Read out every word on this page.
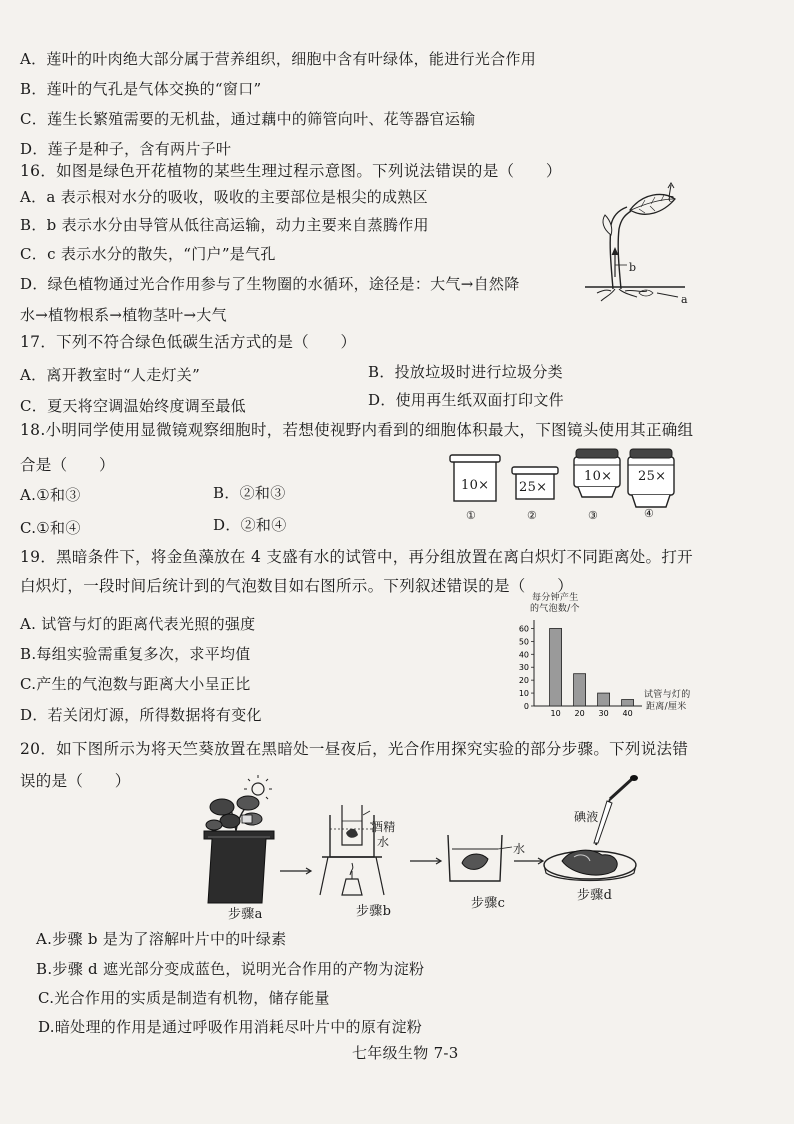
A．莲叶的叶肉绝大部分属于营养组织，细胞中含有叶绿体，能进行光合作用
B．莲叶的气孔是气体交换的“窗口”
C．莲生长繁殖需要的无机盐，通过藕中的筛管向叶、花等器官运输
D．莲子是种子，含有两片子叶
16．如图是绿色开花植物的某些生理过程示意图。下列说法错误的是（　　）
A．a 表示根对水分的吸收，吸收的主要部位是根尖的成熟区
B．b 表示水分由导管从低往高运输，动力主要来自蒸腾作用
C．c 表示水分的散失，“门户”是气孔
D．绿色植物通过光合作用参与了生物圈的水循环，途径是：大气→自然降
水→植物根系→植物茎叶→大气
c
b
a
17．下列不符合绿色低碳生活方式的是（　　）
A．离开教室时“人走灯关”	B．投放垃圾时进行垃圾分类
C．夏天将空调温始终度调至最低	D．使用再生纸双面打印文件
18.小明同学使用显微镜观察细胞时，若想使视野内看到的细胞体积最大，下图镜头使用其正确组
合是（　　）
A.①和③	B．②和③
C.①和④	D．②和④
10× 25×
10× 25×
①	②	③	④
19．黑暗条件下，将金鱼藻放在 4 支盛有水的试管中，再分组放置在离白炽灯不同距离处。打开
白炽灯，一段时间后统计到的气泡数目如右图所示。下列叙述错误的是（　　）
A. 试管与灯的距离代表光照的强度
B.每组实验需重复多次，求平均值
C.产生的气泡数与距离大小呈正比
D．若关闭灯源，所得数据将有变化
每分钟产生
的气泡数/个
0
10
20
30
40
50
60
10 20 30 40
试管与灯的
距离/厘米
20．如下图所示为将天竺葵放置在黑暗处一昼夜后，光合作用探究实验的部分步骤。下列说法错
误的是（　　）
酒精
水	水
碘液
步骤a	步骤b
步骤c
步骤d
A.步骤 b 是为了溶解叶片中的叶绿素
B.步骤 d 遮光部分变成蓝色，说明光合作用的产物为淀粉
C.光合作用的实质是制造有机物，储存能量
D.暗处理的作用是通过呼吸作用消耗尽叶片中的原有淀粉
七年级生物 7-3
